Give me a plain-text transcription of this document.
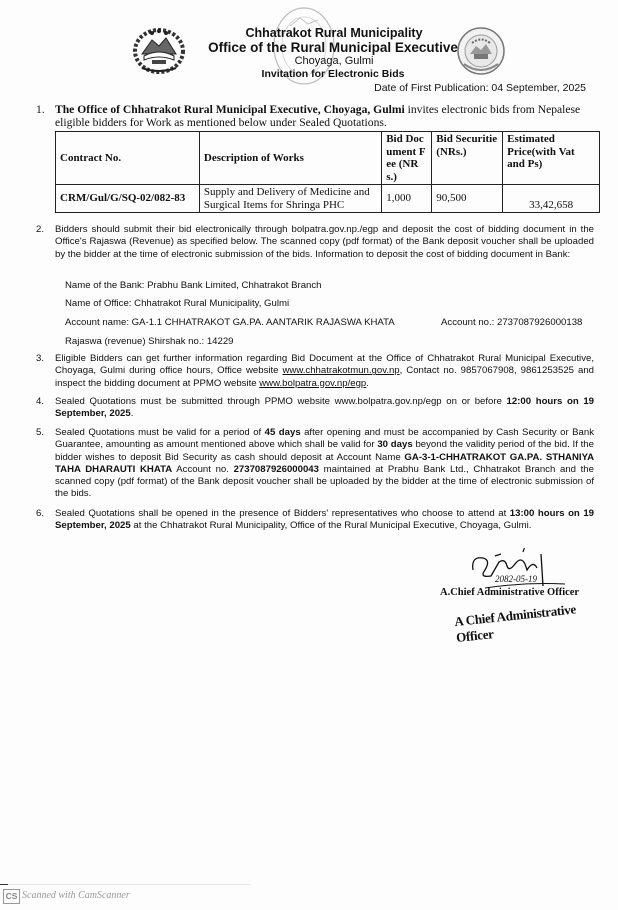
Chhatrakot Rural Municipality
Office of the Rural Municipal Executive
Choyaga, Gulmi
Invitation for Electronic Bids
Date of First Publication: 04 September, 2025
1. The Office of Chhatrakot Rural Municipal Executive, Choyaga, Gulmi invites electronic bids from Nepalese eligible bidders for Work as mentioned below under Sealed Quotations.
Contract No.	Description of Works	Bid Document Fee (NRs.)	Bid Securitie (NRs.)	Estimated Price(with Vat and Ps)
CRM/Gul/G/SQ-02/082-83	Supply and Delivery of Medicine and Surgical Items for Shringa PHC	1,000	90,500	33,42,658
2.	Bidders should submit their bid electronically through bolpatra.gov.np./egp and deposit the cost of bidding document in the Office's Rajaswa (Revenue) as specified below. The scanned copy (pdf format) of the Bank deposit voucher shall be uploaded by the bidder at the time of electronic submission of the bids. Information to deposit the cost of bidding document in Bank:
Name of the Bank: Prabhu Bank Limited, Chhatrakot Branch
Name of Office: Chhatrakot Rural Municipality, Gulmi
Account name: GA-1.1 CHHATRAKOT GA.PA. AANTARIK RAJASWA KHATA	Account no.: 2737087926000138
Rajaswa (revenue) Shirshak no.: 14229
3.	Eligible Bidders can get further information regarding Bid Document at the Office of Chhatrakot Rural Municipal Executive, Choyaga, Gulmi during office hours, Office website www.chhatrakotmun.gov.np, Contact no. 9857067908, 9861253525 and inspect the bidding document at PPMO website www.bolpatra.gov.np/egp.
4.	Sealed Quotations must be submitted through PPMO website www.bolpatra.gov.np/egp on or before 12:00 hours on 19 September, 2025.
5.	Sealed Quotations must be valid for a period of 45 days after opening and must be accompanied by Cash Security or Bank Guarantee, amounting as amount mentioned above which shall be valid for 30 days beyond the validity period of the bid. If the bidder wishes to deposit Bid Security as cash should deposit at Account Name GA-3-1-CHHATRAKOT GA.PA. STHANIYA TAHA DHARAUTI KHATA Account no. 2737087926000043 maintained at Prabhu Bank Ltd., Chhatrakot Branch and the scanned copy (pdf format) of the Bank deposit voucher shall be uploaded by the bidder at the time of electronic submission of the bids.
6.	Sealed Quotations shall be opened in the presence of Bidders' representatives who choose to attend at 13:00 hours on 19 September, 2025 at the Chhatrakot Rural Municipality, Office of the Rural Municipal Executive, Choyaga, Gulmi.
2082-05-19
A.Chief Administrative Officer
A Chief Administrative Officer
CS Scanned with CamScanner
